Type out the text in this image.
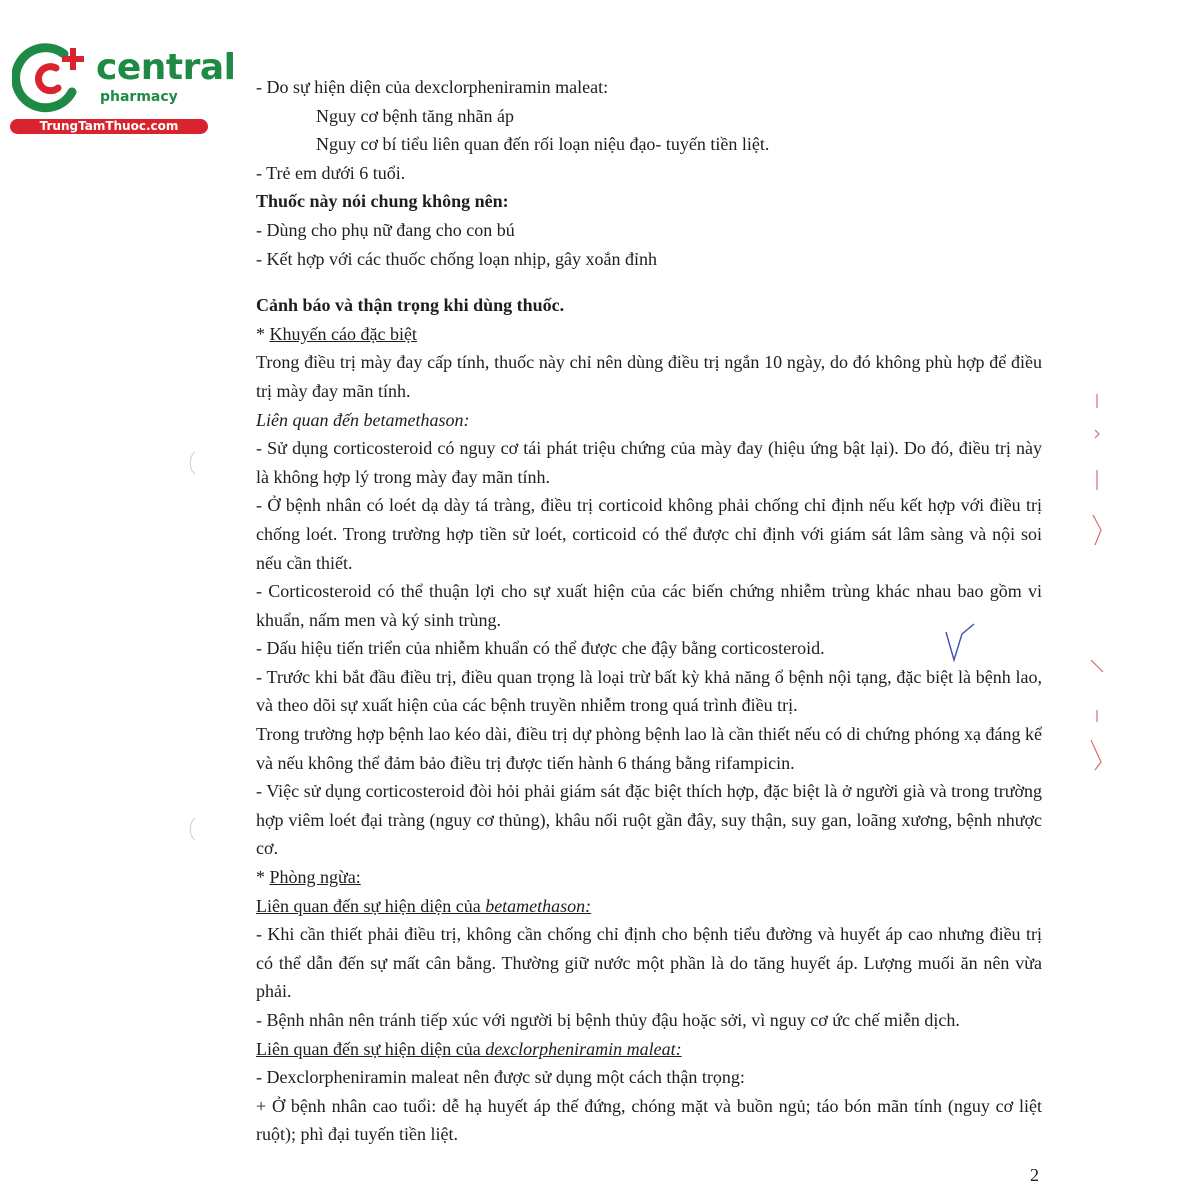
central
pharmacy
TrungTamThuoc.com

- Do sự hiện diện của dexclorpheniramin maleat:

Nguy cơ bệnh tăng nhãn áp

Nguy cơ bí tiểu liên quan đến rối loạn niệu đạo- tuyến tiền liệt.

- Trẻ em dưới 6 tuổi.

Thuốc này nói chung không nên:

- Dùng cho phụ nữ đang cho con bú

- Kết hợp với các thuốc chống loạn nhịp, gây xoắn đỉnh

Cảnh báo và thận trọng khi dùng thuốc.

* Khuyến cáo đặc biệt

Trong điều trị mày đay cấp tính, thuốc này chỉ nên dùng điều trị ngắn 10 ngày, do đó không phù hợp để điều trị mày đay mãn tính.

Liên quan đến betamethason:

- Sử dụng corticosteroid có nguy cơ tái phát triệu chứng của mày đay (hiệu ứng bật lại). Do đó, điều trị này là không hợp lý trong mày đay mãn tính.

- Ở bệnh nhân có loét dạ dày tá tràng, điều trị corticoid không phải chống chỉ định nếu kết hợp với điều trị chống loét. Trong trường hợp tiền sử loét, corticoid có thể được chỉ định với giám sát lâm sàng và nội soi nếu cần thiết.

- Corticosteroid có thể thuận lợi cho sự xuất hiện của các biến chứng nhiễm trùng khác nhau bao gồm vi khuẩn, nấm men và ký sinh trùng.

- Dấu hiệu tiến triển của nhiễm khuẩn có thể được che đậy bằng corticosteroid.

- Trước khi bắt đầu điều trị, điều quan trọng là loại trừ bất kỳ khả năng ổ bệnh nội tạng, đặc biệt là bệnh lao, và theo dõi sự xuất hiện của các bệnh truyền nhiễm trong quá trình điều trị.

Trong trường hợp bệnh lao kéo dài, điều trị dự phòng bệnh lao là cần thiết nếu có di chứng phóng xạ đáng kể và nếu không thể đảm bảo điều trị được tiến hành 6 tháng bằng rifampicin.

- Việc sử dụng corticosteroid đòi hỏi phải giám sát đặc biệt thích hợp, đặc biệt là ở người già và trong trường hợp viêm loét đại tràng (nguy cơ thủng), khâu nối ruột gần đây, suy thận, suy gan, loãng xương, bệnh nhược cơ.

* Phòng ngừa:

Liên quan đến sự hiện diện của betamethason:

- Khi cần thiết phải điều trị, không cần chống chỉ định cho bệnh tiểu đường và huyết áp cao nhưng điều trị có thể dẫn đến sự mất cân bằng. Thường giữ nước một phần là do tăng huyết áp. Lượng muối ăn nên vừa phải.

- Bệnh nhân nên tránh tiếp xúc với người bị bệnh thủy đậu hoặc sởi, vì nguy cơ ức chế miễn dịch.

Liên quan đến sự hiện diện của dexclorpheniramin maleat:

- Dexclorpheniramin maleat nên được sử dụng một cách thận trọng:

+ Ở bệnh nhân cao tuổi: dễ hạ huyết áp thế đứng, chóng mặt và buồn ngủ; táo bón mãn tính (nguy cơ liệt ruột); phì đại tuyến tiền liệt.

2
